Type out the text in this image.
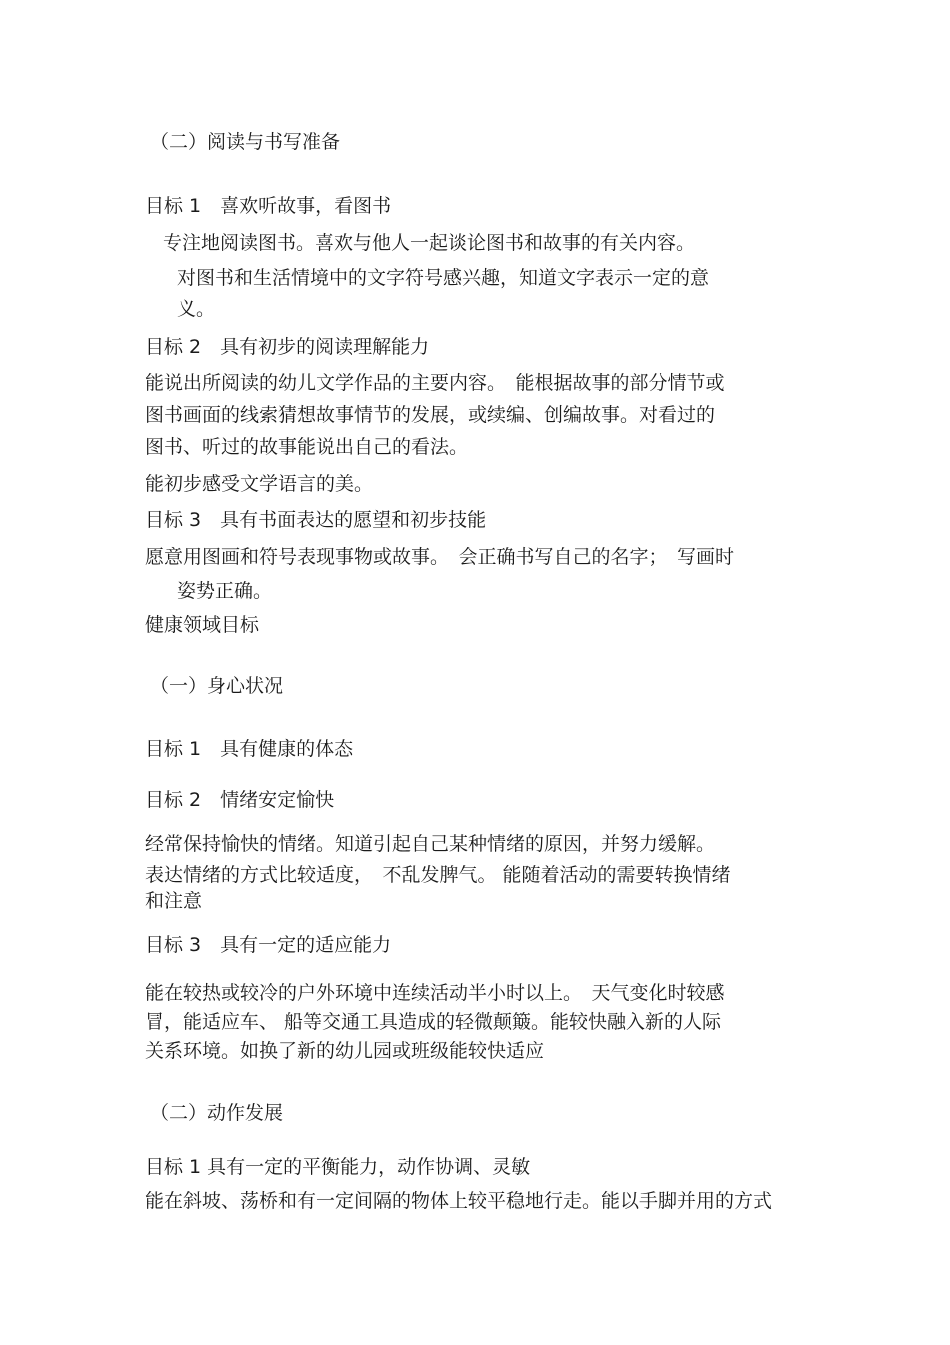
（二）阅读与书写准备

目标 1　喜欢听故事，看图书

专注地阅读图书。喜欢与他人一起谈论图书和故事的有关内容。

对图书和生活情境中的文字符号感兴趣，知道文字表示一定的意

义。

目标 2　具有初步的阅读理解能力

能说出所阅读的幼儿文学作品的主要内容。　能根据故事的部分情节或

图书画面的线索猜想故事情节的发展，或续编、创编故事。对看过的

图书、听过的故事能说出自己的看法。

能初步感受文学语言的美。

目标 3　具有书面表达的愿望和初步技能

愿意用图画和符号表现事物或故事。　会正确书写自己的名字；　写画时

姿势正确。

健康领域目标

（一）身心状况

目标 1　具有健康的体态

目标 2　情绪安定愉快

经常保持愉快的情绪。知道引起自己某种情绪的原因，并努力缓解。

表达情绪的方式比较适度，　不乱发脾气。 能随着活动的需要转换情绪

和注意

目标 3　具有一定的适应能力

能在较热或较冷的户外环境中连续活动半小时以上。　天气变化时较感

冒，能适应车、 船等交通工具造成的轻微颠簸。能较快融入新的人际

关系环境。如换了新的幼儿园或班级能较快适应

（二）动作发展

目标 1 具有一定的平衡能力，动作协调、灵敏

能在斜坡、荡桥和有一定间隔的物体上较平稳地行走。能以手脚并用的方式
